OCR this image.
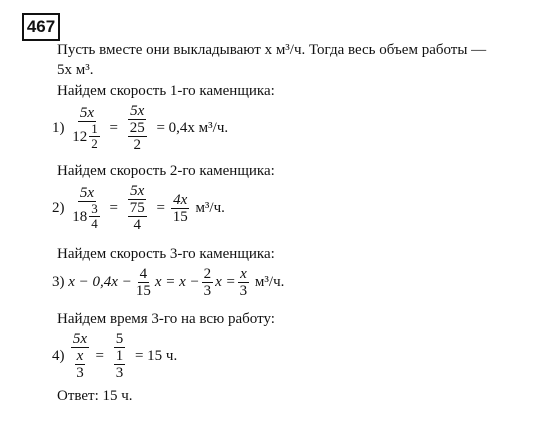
467
Пусть вместе они выкладывают x м³/ч. Тогда весь объем работы —
5x м³.
Найдем скорость 1-го каменщика:
1)
$\frac{5x}{12 \frac{1}{2}} = \frac{5x}{\frac{25}{2}}$
= 0,4x м³/ч.
Найдем скорость 2-го каменщика:
2)
$\frac{5x}{18 \frac{3}{4}} = \frac{5x}{\frac{75}{4}} = \frac{4x}{15}$
м³/ч.
Найдем скорость 3-го каменщика:
3)
$x - 0,4x - \frac{4}{15}$ $x = x - \frac{2}{3}$ $x = \frac{x}{3}$
м³/ч.
Найдем время 3-го на всю работу:
4)
$\frac{5x}{\frac{x}{3}} = \frac{5}{\frac{1}{3}}$
= 15 ч.
Ответ: 15 ч.
